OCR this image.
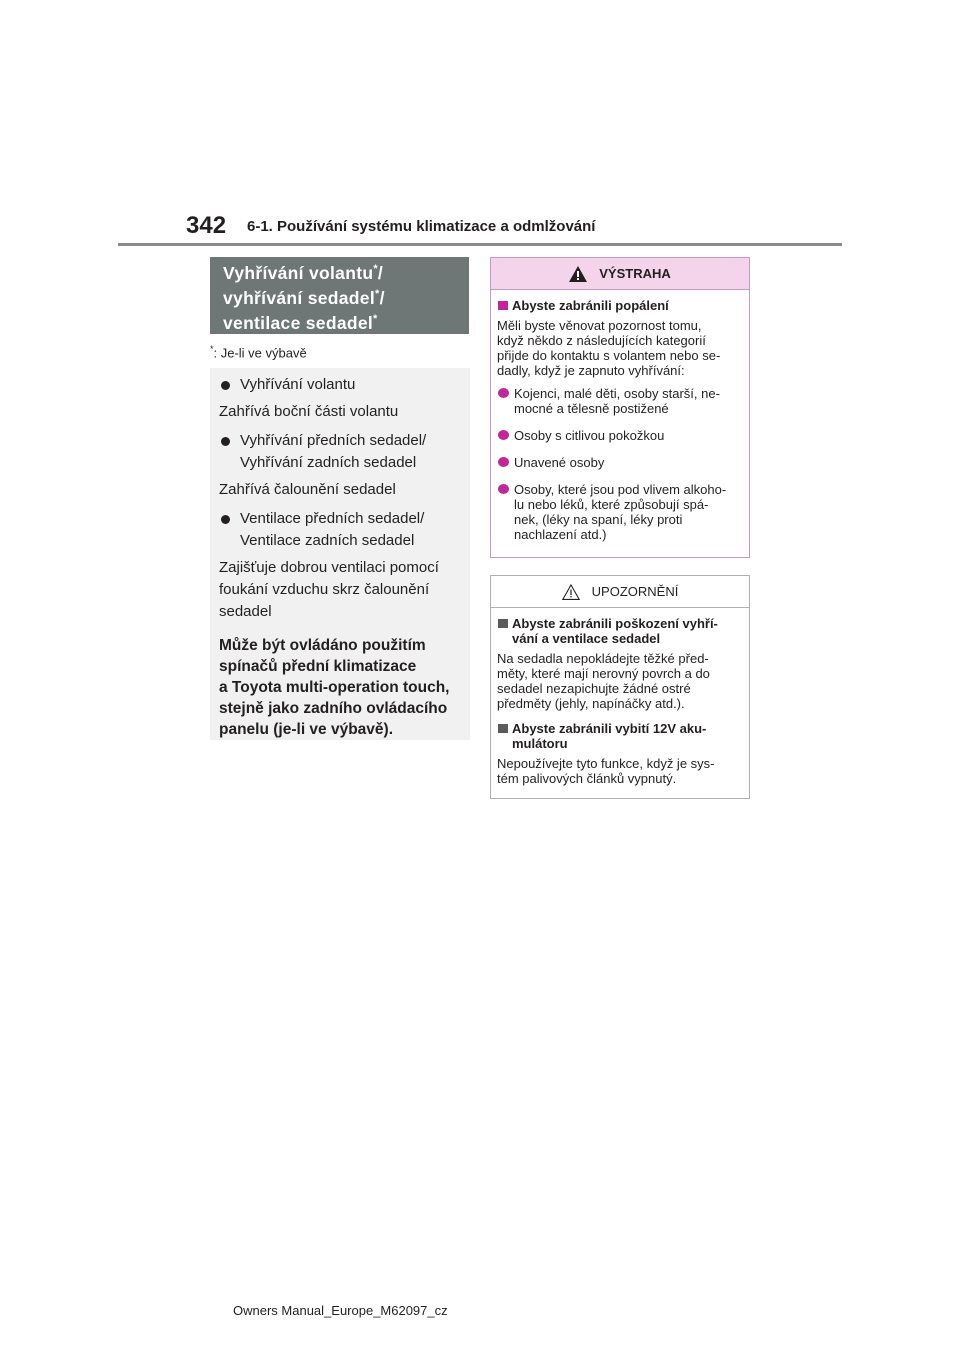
342 6-1. Používání systému klimatizace a odmlžování
Vyhřívání volantu*/
vyhřívání sedadel*/
ventilace sedadel*
*: Je-li ve výbavě
Vyhřívání volantu
Zahřívá boční části volantu
Vyhřívání předních sedadel/
Vyhřívání zadních sedadel
Zahřívá čalounění sedadel
Ventilace předních sedadel/
Ventilace zadních sedadel
Zajišťuje dobrou ventilaci pomocí
foukání vzduchu skrz čalounění
sedadel
Může být ovládáno použitím
spínačů přední klimatizace
a Toyota multi-operation touch,
stejně jako zadního ovládacího
panelu (je-li ve výbavě).
VÝSTRAHA
Abyste zabránili popálení
Měli byste věnovat pozornost tomu,
když někdo z následujících kategorií
přijde do kontaktu s volantem nebo se-
dadly, když je zapnuto vyhřívání:
Kojenci, malé děti, osoby starší, ne-
mocné a tělesně postižené
Osoby s citlivou pokožkou
Unavené osoby
Osoby, které jsou pod vlivem alkoho-
lu nebo léků, které způsobují spá-
nek, (léky na spaní, léky proti
nachlazení atd.)
UPOZORNĚNÍ
Abyste zabránili poškození vyhří-
vání a ventilace sedadel
Na sedadla nepokládejte těžké před-
měty, které mají nerovný povrch a do
sedadel nezapichujte žádné ostré
předměty (jehly, napínáčky atd.).
Abyste zabránili vybití 12V aku-
mulátoru
Nepoužívejte tyto funkce, když je sys-
tém palivových článků vypnutý.
Owners Manual_Europe_M62097_cz
